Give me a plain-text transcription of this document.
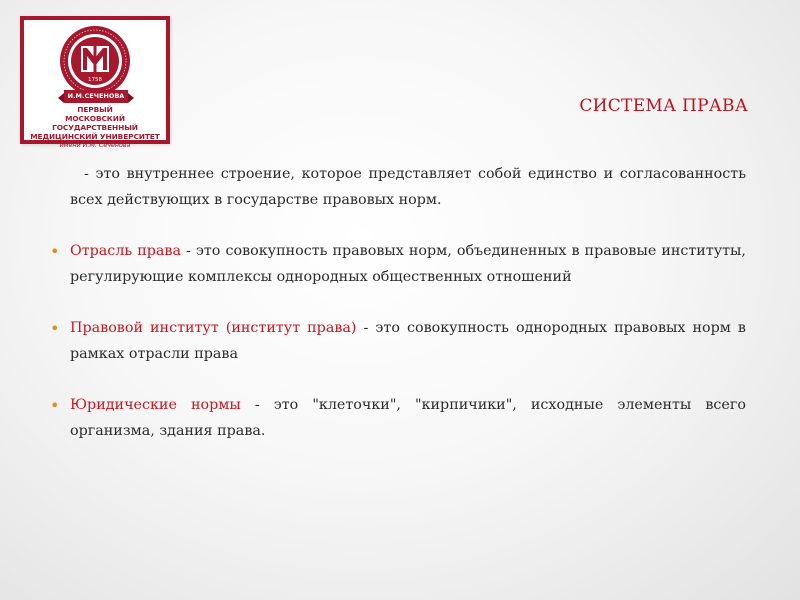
1758
И.М.СЕЧЕНОВА
ПЕРВЫЙ
МОСКОВСКИЙ ГОСУДАРСТВЕННЫЙ
МЕДИЦИНСКИЙ УНИВЕРСИТЕТ
имени И.М. Сеченова
СИСТЕМА ПРАВА

- это внутреннее строение, которое представляет собой единство и согласованность всех действующих в государстве правовых норм.

• Отрасль права - это совокупность правовых норм, объединенных в правовые институты, регулирующие комплексы однородных общественных отношений

• Правовой институт (институт права) - это совокупность однородных правовых норм в рамках отрасли права

• Юридические нормы - это "клеточки", "кирпичики", исходные элементы всего организма, здания права.
